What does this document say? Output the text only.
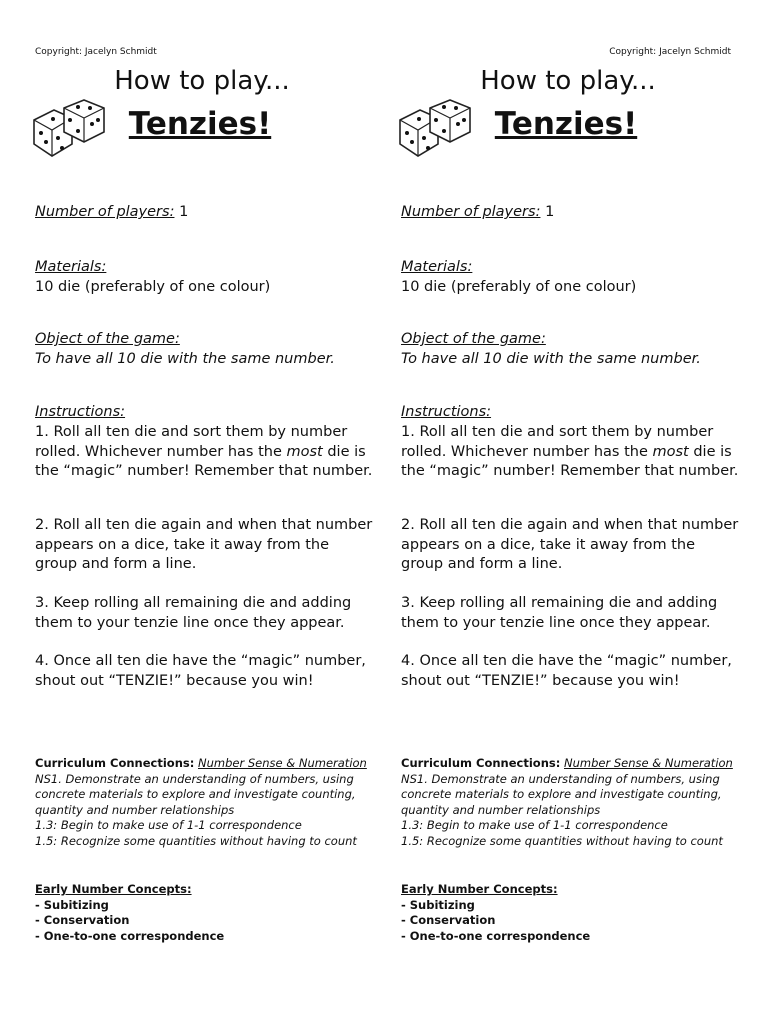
Copyright: Jacelyn Schmidt
How to play...
Tenzies!
Number of players: 1
Materials:
10 die (preferably of one colour)
Object of the game:
To have all 10 die with the same number.
Instructions:
1. Roll all ten die and sort them by number rolled. Whichever number has the most die is the “magic” number! Remember that number.
2. Roll all ten die again and when that number appears on a dice, take it away from the group and form a line.
3. Keep rolling all remaining die and adding them to your tenzie line once they appear.
4. Once all ten die have the “magic” number, shout out “TENZIE!” because you win!

Curriculum Connections: Number Sense & Numeration

NS1. Demonstrate an understanding of numbers, using concrete materials to explore and investigate counting, quantity and number relationships

1.3: Begin to make use of 1-1 correspondence

1.5: Recognize some quantities without having to count

Early Number Concepts:

- Subitizing

- Conservation

- One-to-one correspondence

Copyright: Jacelyn Schmidt
How to play...
Tenzies!
Number of players: 1
Materials:
10 die (preferably of one colour)
Object of the game:
To have all 10 die with the same number.
Instructions:
1. Roll all ten die and sort them by number rolled. Whichever number has the most die is the “magic” number! Remember that number.
2. Roll all ten die again and when that number appears on a dice, take it away from the group and form a line.
3. Keep rolling all remaining die and adding them to your tenzie line once they appear.
4. Once all ten die have the “magic” number, shout out “TENZIE!” because you win!

Curriculum Connections: Number Sense & Numeration

NS1. Demonstrate an understanding of numbers, using concrete materials to explore and investigate counting, quantity and number relationships

1.3: Begin to make use of 1-1 correspondence

1.5: Recognize some quantities without having to count

Early Number Concepts:

- Subitizing

- Conservation

- One-to-one correspondence
